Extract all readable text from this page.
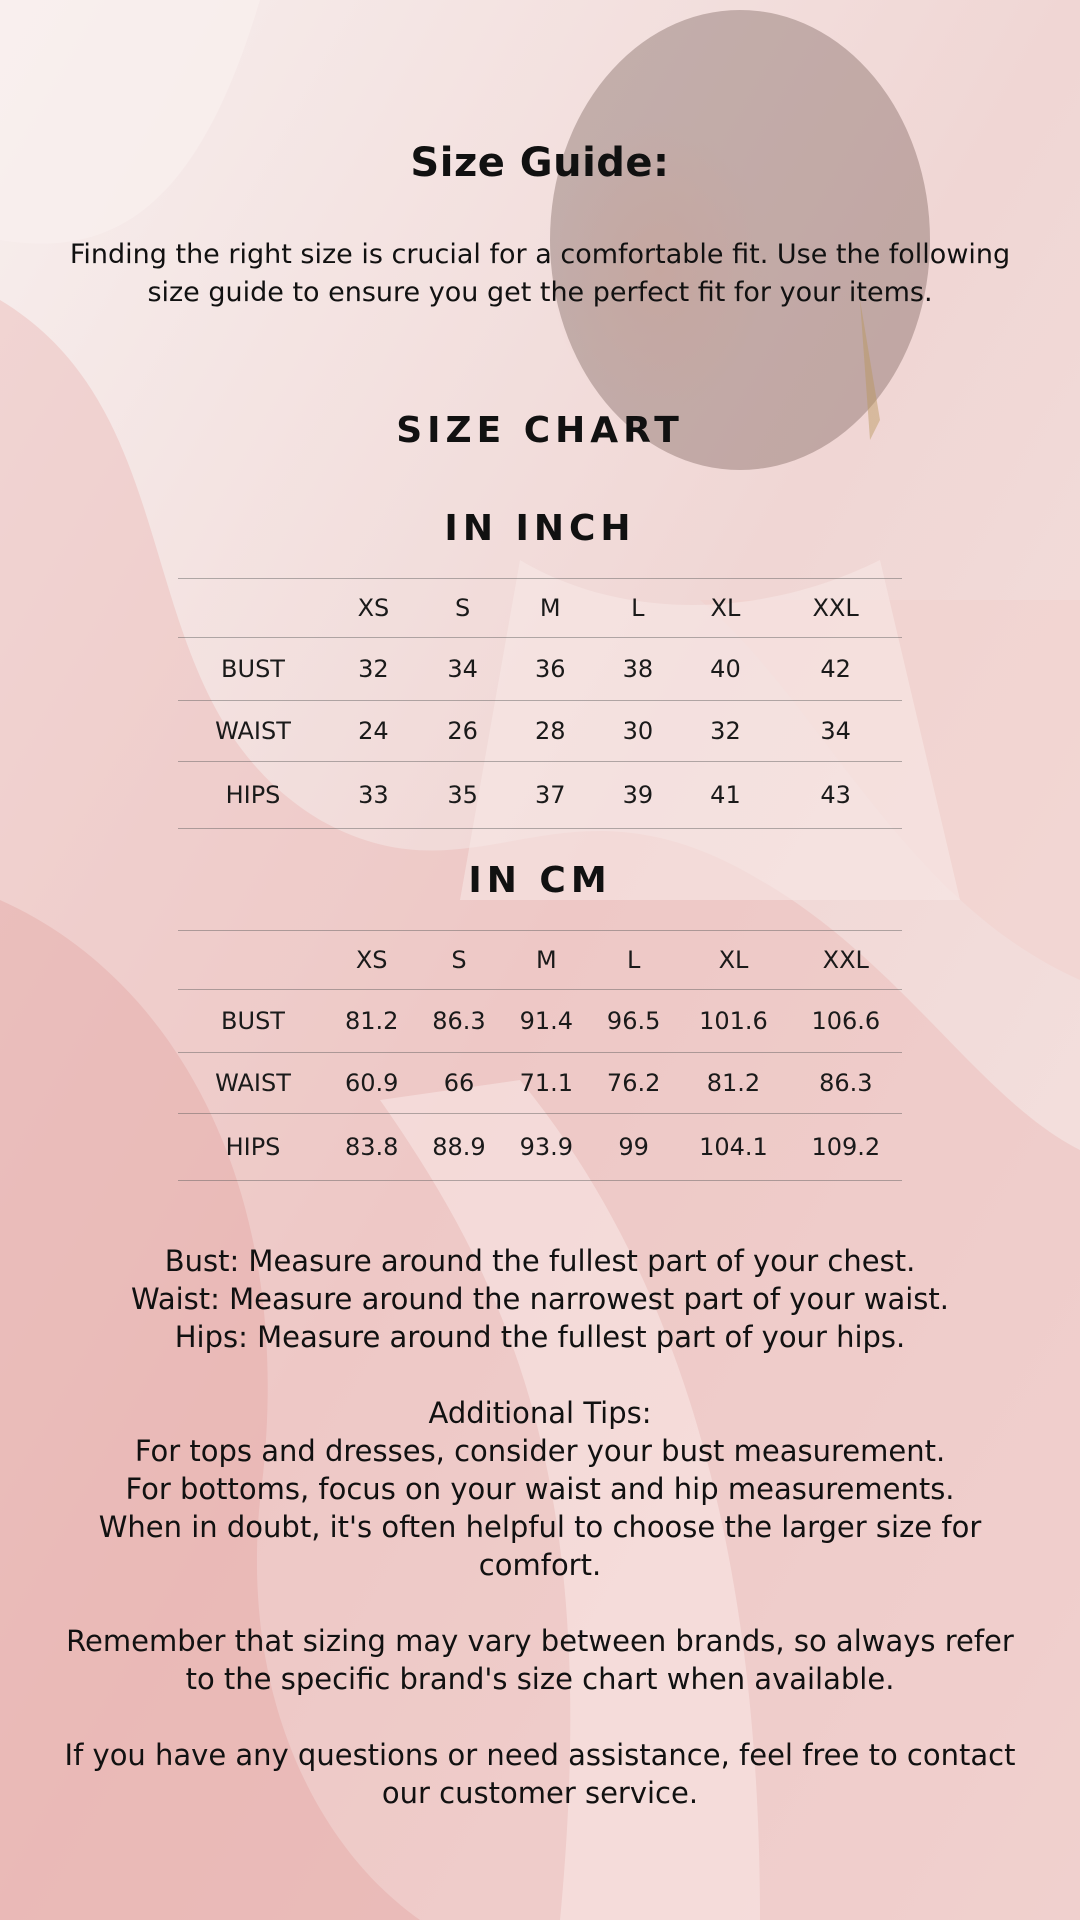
Size Guide:
Finding the right size is crucial for a comfortable fit. Use the following size guide to ensure you get the perfect fit for your items.
SIZE CHART
IN INCH
	XS	S	M	L	XL	XXL
BUST	32	34	36	38	40	42
WAIST	24	26	28	30	32	34
HIPS	33	35	37	39	41	43
IN CM
	XS	S	M	L	XL	XXL
BUST	81.2	86.3	91.4	96.5	101.6	106.6
WAIST	60.9	66	71.1	76.2	81.2	86.3
HIPS	83.8	88.9	93.9	99	104.1	109.2

Bust: Measure around the fullest part of your chest.

Waist: Measure around the narrowest part of your waist.

Hips: Measure around the fullest part of your hips.

Additional Tips:

For tops and dresses, consider your bust measurement.

For bottoms, focus on your waist and hip measurements.

When in doubt, it's often helpful to choose the larger size for comfort.

Remember that sizing may vary between brands, so always refer to the specific brand's size chart when available.

If you have any questions or need assistance, feel free to contact our customer service.
